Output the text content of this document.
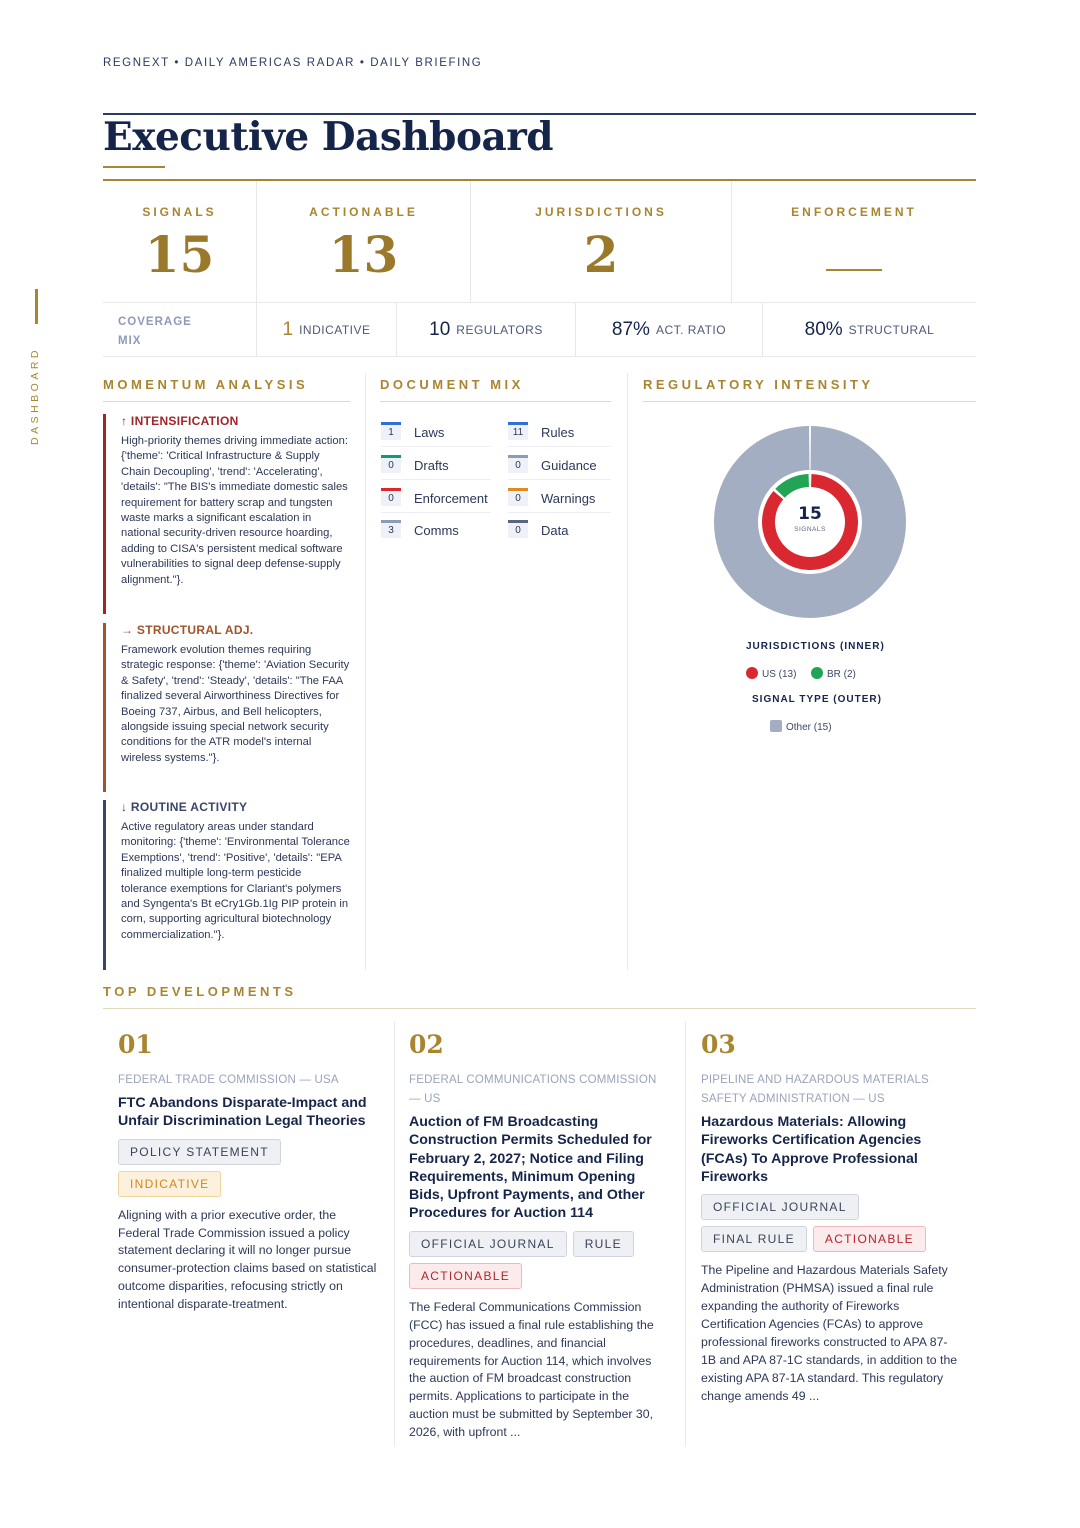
REGNEXT • DAILY AMERICAS RADAR • DAILY BRIEFING
Executive Dashboard
DASHBOARD
SIGNALS
15
ACTIONABLE
13
JURISDICTIONS
2
ENFORCEMENT
COVERAGE MIX
1 INDICATIVE	10 REGULATORS	87% ACT. RATIO	80% STRUCTURAL
MOMENTUM ANALYSIS	DOCUMENT MIX	REGULATORY INTENSITY
↑ INTENSIFICATION
High-priority themes driving immediate action: {'theme': 'Critical Infrastructure & Supply Chain Decoupling', 'trend': 'Accelerating', 'details': "The BIS's immediate domestic sales requirement for battery scrap and tungsten waste marks a significant escalation in national security-driven resource hoarding, adding to CISA's persistent medical software vulnerabilities to signal deep defense-supply alignment."}.
→ STRUCTURAL ADJ.
Framework evolution themes requiring strategic response: {'theme': 'Aviation Security & Safety', 'trend': 'Steady', 'details': "The FAA finalized several Airworthiness Directives for Boeing 737, Airbus, and Bell helicopters, alongside issuing special network security conditions for the ATR model's internal wireless systems."}.
↓ ROUTINE ACTIVITY
Active regulatory areas under standard monitoring: {'theme': 'Environmental Tolerance Exemptions', 'trend': 'Positive', 'details': "EPA finalized multiple long-term pesticide tolerance exemptions for Clariant's polymers and Syngenta's Bt eCry1Gb.1Ig PIP protein in corn, supporting agricultural biotechnology commercialization."}.
1	Laws	11	Rules
0	Drafts	0	Guidance
0	Enforcement	0	Warnings
3	Comms	0	Data
15
SIGNALS
JURISDICTIONS (INNER)
US (13)	BR (2)
SIGNAL TYPE (OUTER)
Other (15)
TOP DEVELOPMENTS
01
FEDERAL TRADE COMMISSION — USA
FTC Abandons Disparate-Impact and Unfair Discrimination Legal Theories
POLICY STATEMENT
INDICATIVE
Aligning with a prior executive order, the Federal Trade Commission issued a policy statement declaring it will no longer pursue consumer-protection claims based on statistical outcome disparities, refocusing strictly on intentional disparate-treatment.
02
FEDERAL COMMUNICATIONS COMMISSION — US
Auction of FM Broadcasting Construction Permits Scheduled for February 2, 2027; Notice and Filing Requirements, Minimum Opening Bids, Upfront Payments, and Other Procedures for Auction 114
OFFICIAL JOURNAL	RULE
ACTIONABLE
The Federal Communications Commission (FCC) has issued a final rule establishing the procedures, deadlines, and financial requirements for Auction 114, which involves the auction of FM broadcast construction permits. Applications to participate in the auction must be submitted by September 30, 2026, with upfront ...
03
PIPELINE AND HAZARDOUS MATERIALS SAFETY ADMINISTRATION — US
Hazardous Materials: Allowing Fireworks Certification Agencies (FCAs) To Approve Professional Fireworks
OFFICIAL JOURNAL
FINAL RULE	ACTIONABLE
The Pipeline and Hazardous Materials Safety Administration (PHMSA) issued a final rule expanding the authority of Fireworks Certification Agencies (FCAs) to approve professional fireworks constructed to APA 87-1B and APA 87-1C standards, in addition to the existing APA 87-1A standard. This regulatory change amends 49 ...
